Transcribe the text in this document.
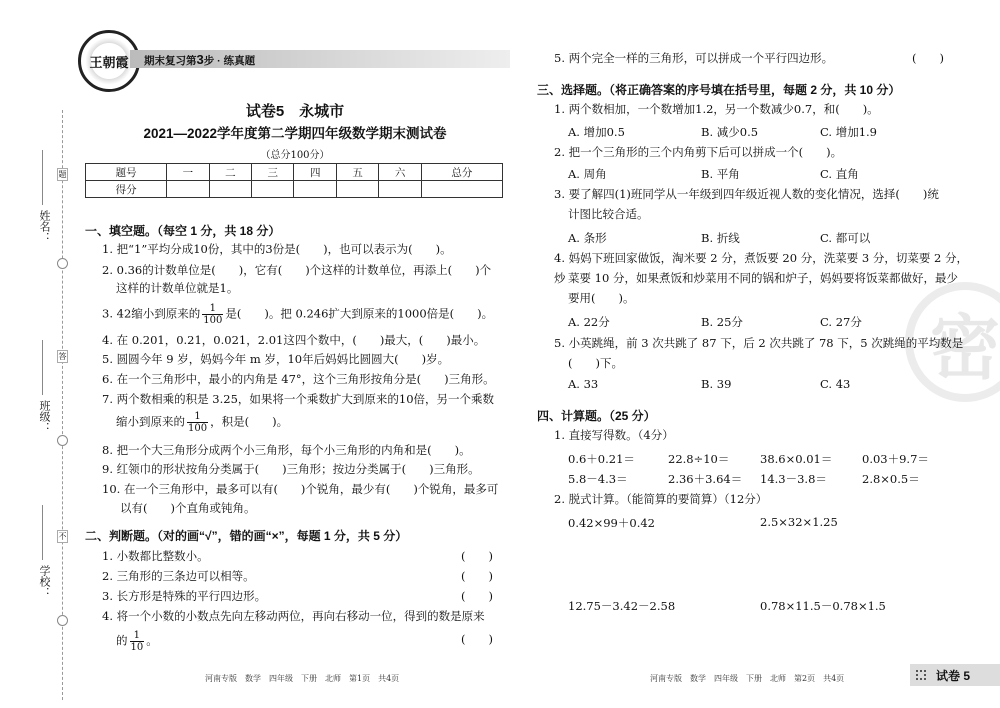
姓名：
班级：
学校：
题
答
不
王朝霞	期末复习第3步 · 练真题
试卷5　永城市
2021—2022学年度第二学期四年级数学期末测试卷
（总分100分）
题号	一	二	三	四	五	六	总分
得分							
一、填空题。（每空 1 分，共 18 分）
1. 把“1”平均分成10份，其中的3份是(　　)，也可以表示为(　　)。
2. 0.36的计数单位是(　　)，它有(　　)个这样的计数单位，再添上(　　)个
这样的计数单位就是1。
3. 42缩小到原来的 $\frac{1}{100}$ 是(　　)。把 0.246扩大到原来的1000倍是(　　)。
4. 在 0.201，0.21，0.021，2.01这四个数中，(　　)最大，(　　)最小。
5. 圆圆今年 9 岁，妈妈今年 m 岁，10年后妈妈比圆圆大(　　)岁。
6. 在一个三角形中，最小的内角是 47°，这个三角形按角分是(　　)三角形。
7. 两个数相乘的积是 3.25，如果将一个乘数扩大到原来的10倍，另一个乘数
缩小到原来的 $\frac{1}{100}$ ，积是(　　)。
8. 把一个大三角形分成两个小三角形，每个小三角形的内角和是(　　)。
9. 红领巾的形状按角分类属于(　　)三角形；按边分类属于(　　)三角形。
10. 在一个三角形中，最多可以有(　　)个锐角，最少有(　　)个锐角，最多可
以有(　　)个直角或钝角。
二、判断题。（对的画“√”，错的画“×”，每题 1 分，共 5 分）
1. 小数都比整数小。	(　　)
2. 三角形的三条边可以相等。	(　　)
3. 长方形是特殊的平行四边形。	(　　)
4. 将一个小数的小数点先向左移动两位，再向右移动一位，得到的数是原来
的 $\frac{1}{10}$ 。	(　　)
河南专版　数学　四年级　下册　北师　第1页　共4页
密
5. 两个完全一样的三角形，可以拼成一个平行四边形。	(　　)
三、选择题。（将正确答案的序号填在括号里，每题 2 分，共 10 分）
1. 两个数相加，一个数增加1.2，另一个数减少0.7，和(　　)。
A. 增加0.5	B. 减少0.5	C. 增加1.9
2. 把一个三角形的三个内角剪下后可以拼成一个(　　)。
A. 周角	B. 平角	C. 直角
3. 要了解四(1)班同学从一年级到四年级近视人数的变化情况，选择(　　)统
计图比较合适。
A. 条形	B. 折线	C. 都可以
4. 妈妈下班回家做饭，淘米要 2 分，煮饭要 20 分，洗菜要 3 分，切菜要 2 分，炒 菜要 10 分，如果煮饭和炒菜用不同的锅和炉子，妈妈要将饭菜都做好，最少
要用(　　)。
A. 22分	B. 25分	C. 27分
5. 小英跳绳，前 3 次共跳了 87 下，后 2 次共跳了 78 下，5 次跳绳的平均数是
(　　)下。
A. 33	B. 39	C. 43
四、计算题。（25 分）
1. 直接写得数。（4分）
0.6＋0.21＝	22.8÷10＝	38.6×0.01＝	0.03＋9.7＝
5.8－4.3＝	2.36＋3.64＝ 14.3－3.8＝	2.8×0.5＝
2. 脱式计算。（能简算的要简算）（12分）
0.42×99＋0.42	2.5×32×1.25
12.75－3.42－2.58	0.78×11.5－0.78×1.5
河南专版　数学　四年级　下册　北师　第2页　共4页	试卷 5
